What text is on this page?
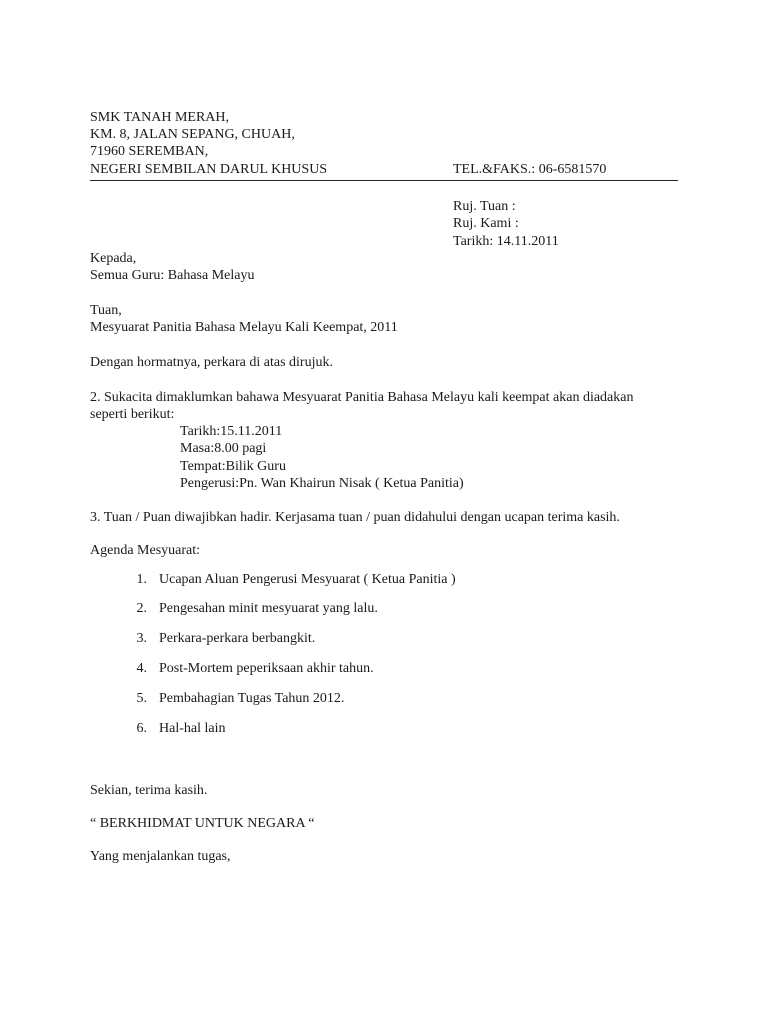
SMK TANAH MERAH,
KM. 8, JALAN SEPANG, CHUAH,
71960 SEREMBAN,
NEGERI SEMBILAN DARUL KHUSUS	TEL.&FAKS.: 06-6581570
Ruj. Tuan :
Ruj. Kami :
Tarikh: 14.11.2011
Kepada,
Semua Guru: Bahasa Melayu
Tuan,
Mesyuarat Panitia Bahasa Melayu Kali Keempat, 2011
Dengan hormatnya, perkara di atas dirujuk.
2. Sukacita dimaklumkan bahawa Mesyuarat Panitia Bahasa Melayu kali keempat akan diadakan
seperti berikut:
Tarikh:15.11.2011
Masa:8.00 pagi
Tempat:Bilik Guru
Pengerusi:Pn. Wan Khairun Nisak ( Ketua Panitia)
3. Tuan / Puan diwajibkan hadir. Kerjasama tuan / puan didahului dengan ucapan terima kasih.
Agenda Mesyuarat:
1. Ucapan Aluan Pengerusi Mesyuarat ( Ketua Panitia )
2. Pengesahan minit mesyuarat yang lalu.
3. Perkara-perkara berbangkit.
4. Post-Mortem peperiksaan akhir tahun.
5. Pembahagian Tugas Tahun 2012.
6. Hal-hal lain
Sekian, terima kasih.
“ BERKHIDMAT UNTUK NEGARA “
Yang menjalankan tugas,
